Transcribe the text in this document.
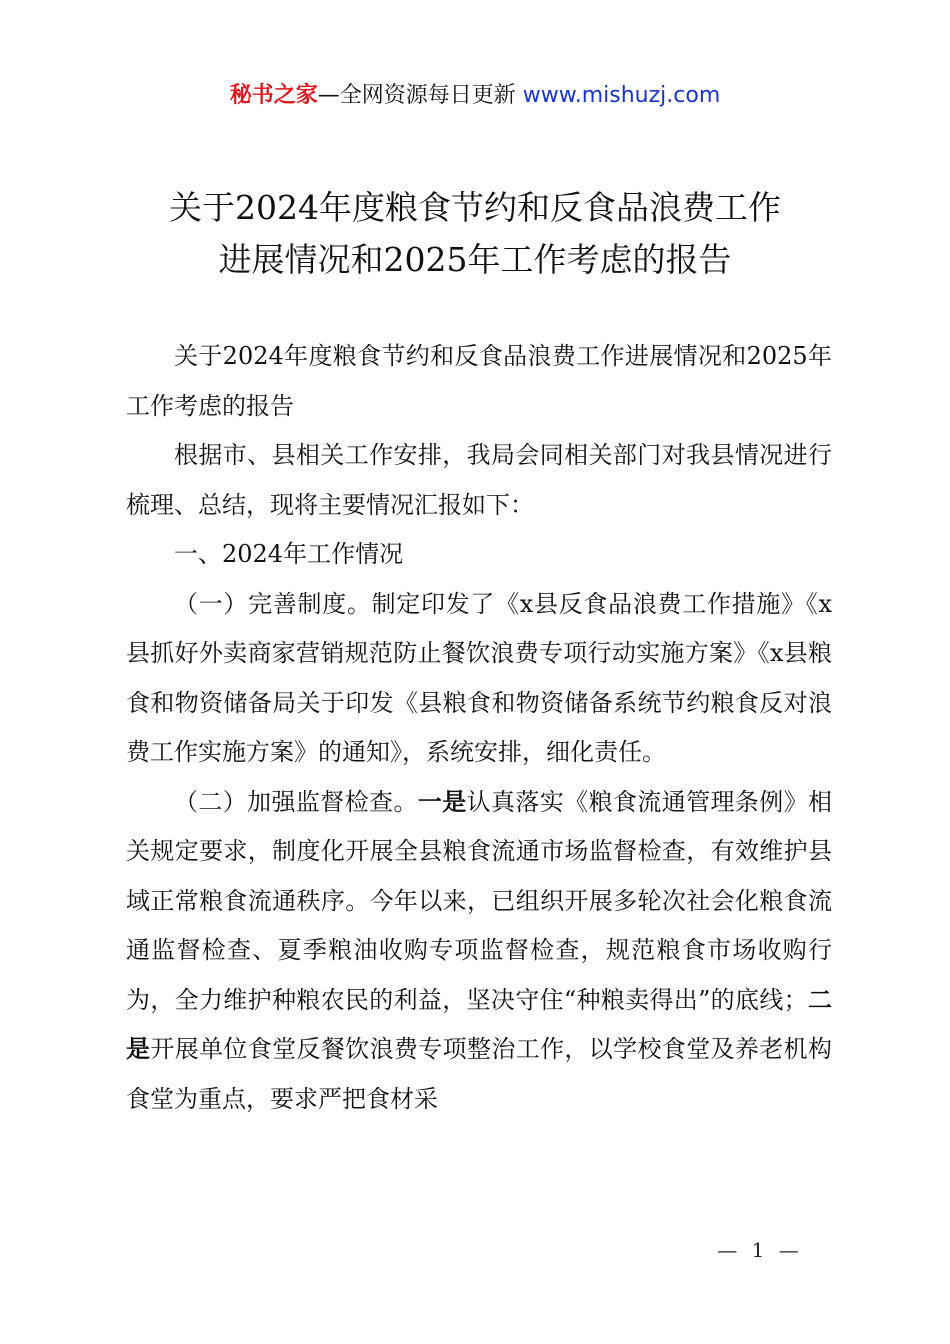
秘书之家—全网资源每日更新 www.mishuzj.com
关于2024年度粮食节约和反食品浪费工作
进展情况和2025年工作考虑的报告

关于2024年度粮食节约和反食品浪费工作进展情况和2025年工作考虑的报告

根据市、县相关工作安排，我局会同相关部门对我县情况进行梳理、总结，现将主要情况汇报如下：

一、2024年工作情况

（一）完善制度。制定印发了《x县反食品浪费工作措施》《x县抓好外卖商家营销规范防止餐饮浪费专项行动实施方案》《x县粮食和物资储备局关于印发《县粮食和物资储备系统节约粮食反对浪费工作实施方案》的通知》，系统安排，细化责任。

（二）加强监督检查。一是认真落实《粮食流通管理条例》相关规定要求，制度化开展全县粮食流通市场监督检查，有效维护县域正常粮食流通秩序。今年以来，已组织开展多轮次社会化粮食流通监督检查、夏季粮油收购专项监督检查，规范粮食市场收购行为，全力维护种粮农民的利益，坚决守住“种粮卖得出”的底线；二是开展单位食堂反餐饮浪费专项整治工作，以学校食堂及养老机构食堂为重点，要求严把食材采

— 1 —
